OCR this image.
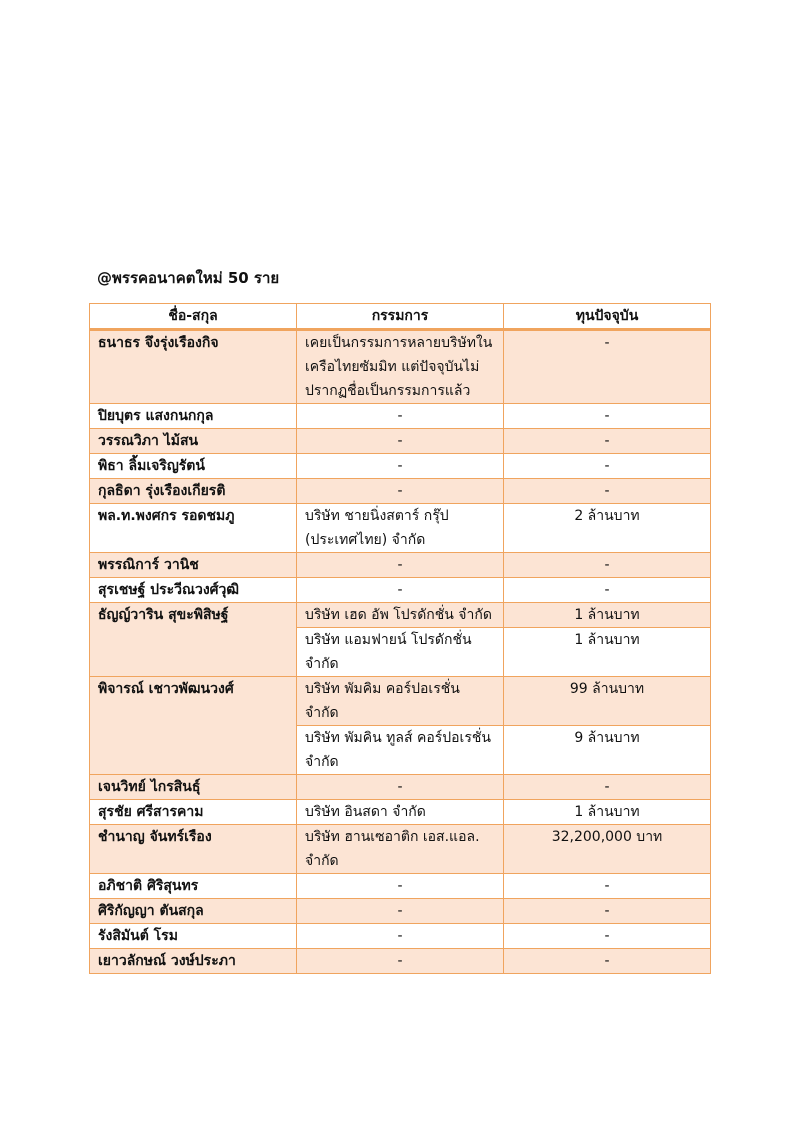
@พรรคอนาคตใหม่ 50 ราย
ชื่อ-สกุล	กรรมการ	ทุนปัจจุบัน
ธนาธร จึงรุ่งเรืองกิจ	เคยเป็นกรรมการหลายบริษัทในเครือไทยซัมมิท แต่ปัจจุบันไม่ปรากฏชื่อเป็นกรรมการแล้ว	-
ปิยบุตร แสงกนกกุล	-	-
วรรณวิภา ไม้สน	-	-
พิธา ลิ้มเจริญรัตน์	-	-
กุลธิดา รุ่งเรืองเกียรติ	-	-
พล.ท.พงศกร รอดชมภู	บริษัท ชายนิ่งสตาร์ กรุ๊ป (ประเทศไทย) จำกัด	2 ล้านบาท
พรรณิการ์ วานิช	-	-
สุรเชษฐ์ ประวีณวงศ์วุฒิ	-	-
ธัญญ์วาริน สุขะพิสิษฐ์	บริษัท เฮด อัพ โปรดักชั่น จำกัด	1 ล้านบาท
	บริษัท แอมฟายน์ โปรดักชั่น จำกัด	1 ล้านบาท
พิจารณ์ เชาวพัฒนวงศ์	บริษัท พัมคิม คอร์ปอเรชั่น จำกัด	99 ล้านบาท
	บริษัท พัมคิน ทูลส์ คอร์ปอเรชั่น จำกัด	9 ล้านบาท
เจนวิทย์ ไกรสินธุ์	-	-
สุรชัย ศรีสารคาม	บริษัท อินสดา จำกัด	1 ล้านบาท
ชำนาญ จันทร์เรือง	บริษัท ฮานเซอาติก เอส.แอล. จำกัด	32,200,000 บาท
อภิชาติ ศิริสุนทร	-	-
ศิริกัญญา ตันสกุล	-	-
รังสิมันต์ โรม	-	-
เยาวลักษณ์ วงษ์ประภา	-	-
